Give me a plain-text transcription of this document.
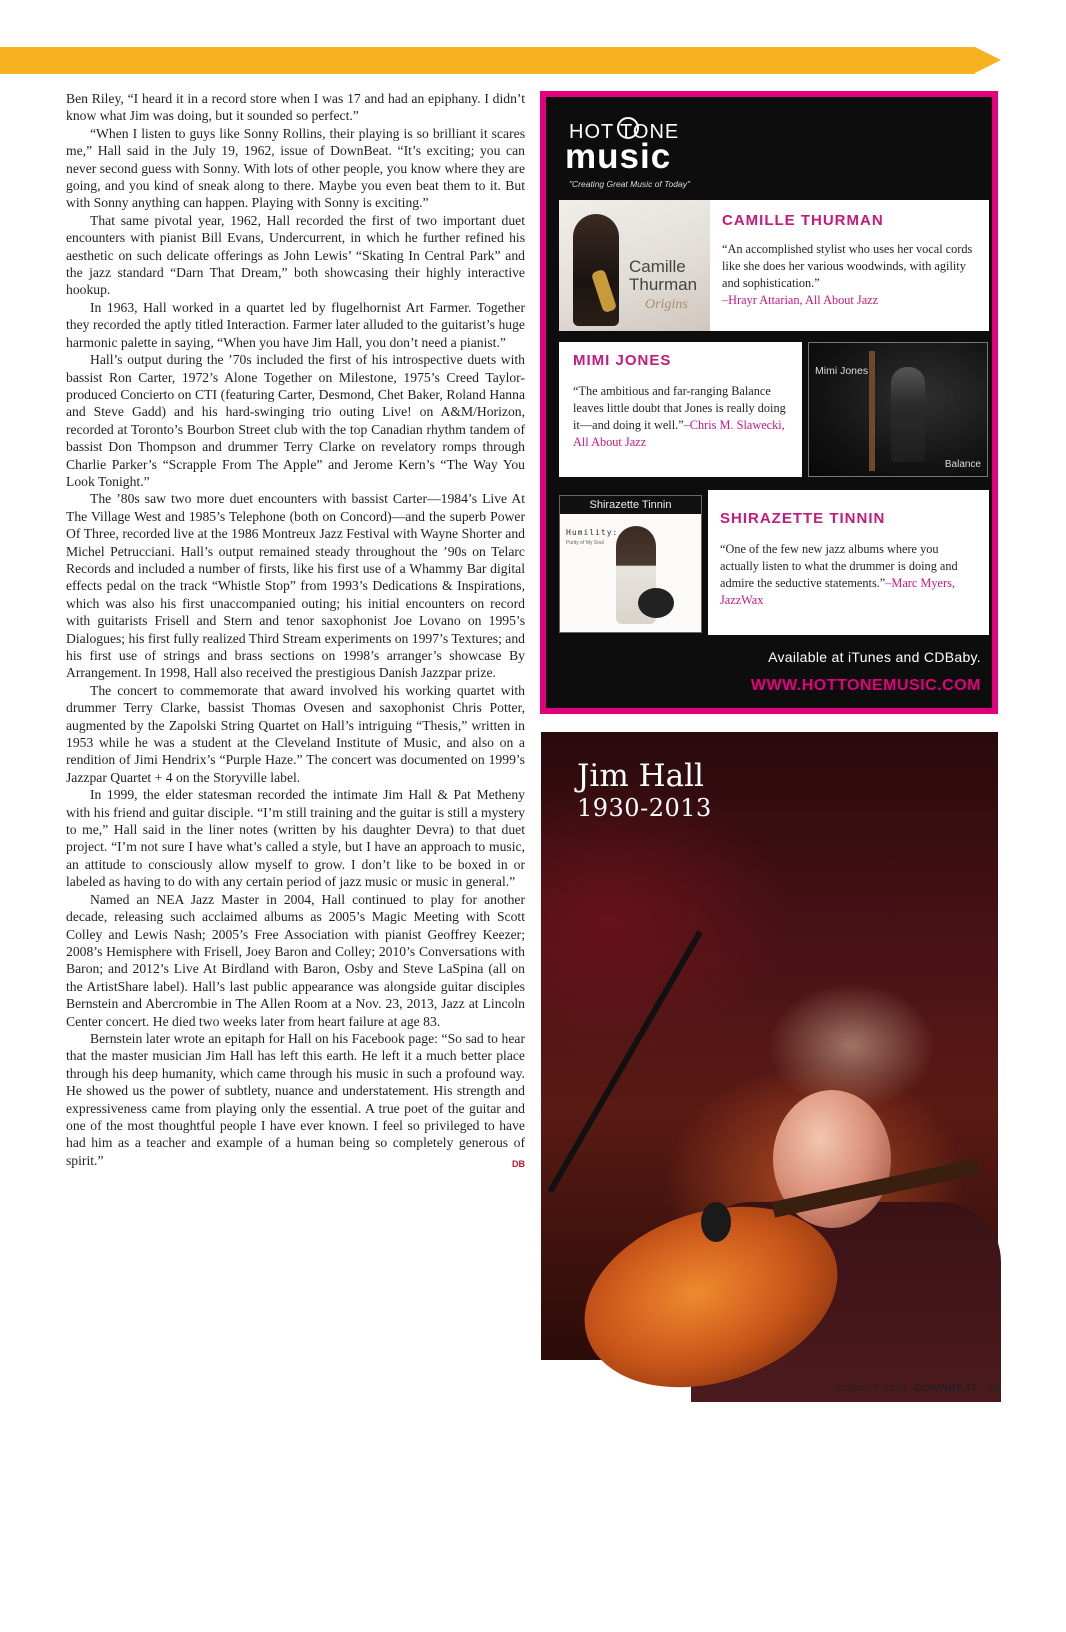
Ben Riley, “I heard it in a record store when I was 17 and had an epiphany. I didn’t know what Jim was doing, but it sounded so perfect.”

“When I listen to guys like Sonny Rollins, their playing is so brilliant it scares me,” Hall said in the July 19, 1962, issue of DownBeat. “It’s exciting; you can never second guess with Sonny. With lots of other people, you know where they are going, and you kind of sneak along to there. Maybe you even beat them to it. But with Sonny anything can happen. Playing with Sonny is exciting.”

That same pivotal year, 1962, Hall recorded the first of two important duet encounters with pianist Bill Evans, Undercurrent, in which he further refined his aesthetic on such delicate offerings as John Lewis’ “Skating In Central Park” and the jazz standard “Darn That Dream,” both showcasing their highly interactive hookup.

In 1963, Hall worked in a quartet led by flugelhornist Art Farmer. Together they recorded the aptly titled Interaction. Farmer later alluded to the guitarist’s huge harmonic palette in saying, “When you have Jim Hall, you don’t need a pianist.”

Hall’s output during the ’70s included the first of his introspective duets with bassist Ron Carter, 1972’s Alone Together on Milestone, 1975’s Creed Taylor-produced Concierto on CTI (featuring Carter, Desmond, Chet Baker, Roland Hanna and Steve Gadd) and his hard-swinging trio outing Live! on A&M/Horizon, recorded at Toronto’s Bourbon Street club with the top Canadian rhythm tandem of bassist Don Thompson and drummer Terry Clarke on revelatory romps through Charlie Parker’s “Scrapple From The Apple” and Jerome Kern’s “The Way You Look Tonight.”

The ’80s saw two more duet encounters with bassist Carter—1984’s Live At The Village West and 1985’s Telephone (both on Concord)—and the superb Power Of Three, recorded live at the 1986 Montreux Jazz Festival with Wayne Shorter and Michel Petrucciani. Hall’s output remained steady throughout the ’90s on Telarc Records and included a number of firsts, like his first use of a Whammy Bar digital effects pedal on the track “Whistle Stop” from 1993’s Dedications & Inspirations, which was also his first unaccompanied outing; his initial encounters on record with guitarists Frisell and Stern and tenor saxophonist Joe Lovano on 1995’s Dialogues; his first fully realized Third Stream experiments on 1997’s Textures; and his first use of strings and brass sections on 1998’s arranger’s showcase By Arrangement. In 1998, Hall also received the prestigious Danish Jazzpar prize.

The concert to commemorate that award involved his working quartet with drummer Terry Clarke, bassist Thomas Ovesen and saxophonist Chris Potter, augmented by the Zapolski String Quartet on Hall’s intriguing “Thesis,” written in 1953 while he was a student at the Cleveland Institute of Music, and also on a rendition of Jimi Hendrix’s “Purple Haze.” The concert was documented on 1999’s Jazzpar Quartet + 4 on the Storyville label.

In 1999, the elder statesman recorded the intimate Jim Hall & Pat Metheny with his friend and guitar disciple. “I’m still training and the guitar is still a mystery to me,” Hall said in the liner notes (written by his daughter Devra) to that duet project. “I’m not sure I have what’s called a style, but I have an approach to music, an attitude to consciously allow myself to grow. I don’t like to be boxed in or labeled as having to do with any certain period of jazz music or music in general.”

Named an NEA Jazz Master in 2004, Hall continued to play for another decade, releasing such acclaimed albums as 2005’s Magic Meeting with Scott Colley and Lewis Nash; 2005’s Free Association with pianist Geoffrey Keezer; 2008’s Hemisphere with Frisell, Joey Baron and Colley; 2010’s Conversations with Baron; and 2012’s Live At Birdland with Baron, Osby and Steve LaSpina (all on the ArtistShare label). Hall’s last public appearance was alongside guitar disciples Bernstein and Abercrombie in The Allen Room at a Nov. 23, 2013, Jazz at Lincoln Center concert. He died two weeks later from heart failure at age 83.

Bernstein later wrote an epitaph for Hall on his Facebook page: “So sad to hear that the master musician Jim Hall has left this earth. He left it a much better place through his deep humanity, which came through his music in such a profound way. He showed us the power of subtlety, nuance and understatement. His strength and expressiveness came from playing only the essential. A true poet of the guitar and one of the most thoughtful people I have ever known. I feel so privileged to have had him as a teacher and example of a human being so completely generous of spirit.”	DB

HOT TONE
music
"Creating Great Music of Today"
Camille Thurman
Origins
CAMILLE THURMAN

“An accomplished stylist who uses her vocal cords like she does her various woodwinds, with agility and sophistication.”
–Hrayr Attarian, All About Jazz

MIMI JONES

“The ambitious and far-ranging Balance leaves little doubt that Jones is really doing it—and doing it well.”–Chris M. Slawecki, All About Jazz

Mimi Jones
Balance
Shirazette Tinnin
Humility:
Purity of My Soul
SHIRAZETTE TINNIN

“One of the few new jazz albums where you actually listen to what the drummer is doing and admire the seductive statements.”–Marc Myers, JazzWax

Available at iTunes and CDBaby.
WWW.HOTTONEMUSIC.COM
Jim Hall
1930-2013
Sadowsky
Guitars
AUGUST 2014 DOWNBEAT 33
